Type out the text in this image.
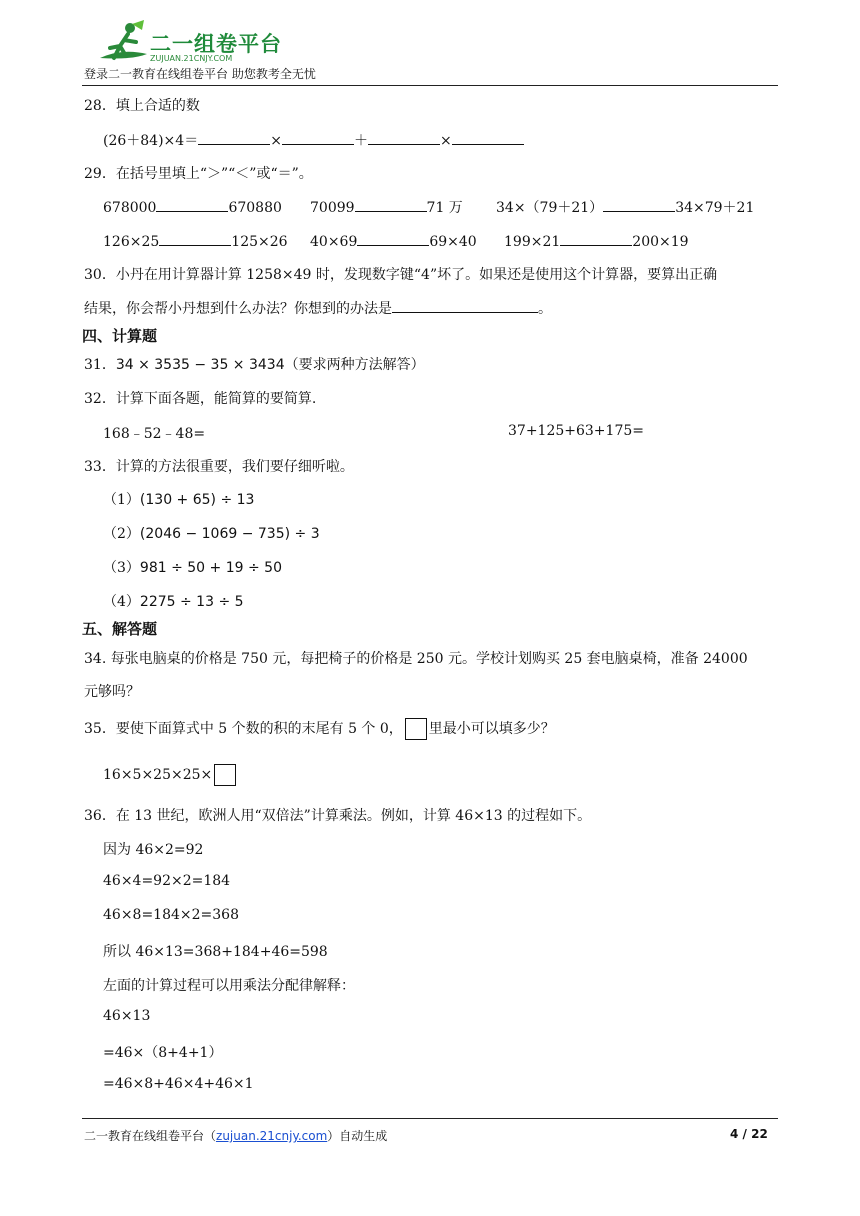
二一组卷平台
ZUJUAN.21CNJY.COM
登录二一教育在线组卷平台 助您教考全无忧
28．填上合适的数
(26＋84)×4＝	×	＋	×
29．在括号里填上“＞”“＜”或“＝”。
678000	670880 70099	71 万 34×（79＋21）	34×79＋21
126×25	125×26 40×69	69×40 199×21	200×19
30．小丹在用计算器计算 1258×49 时，发现数字键“4”坏了。如果还是使用这个计算器，要算出正确
结果，你会帮小丹想到什么办法？你想到的办法是	。
四、计算题
31．34 × 3535 − 35 × 3434（要求两种方法解答）
32．计算下面各题，能简算的要简算.
168﹣52﹣48=	37+125+63+175=
33．计算的方法很重要，我们要仔细听啦。
（1）(130 + 65) ÷ 13
（2）(2046 − 1069 − 735) ÷ 3
（3）981 ÷ 50 + 19 ÷ 50
（4）2275 ÷ 13 ÷ 5
五、解答题
34. 每张电脑桌的价格是 750 元，每把椅子的价格是 250 元。学校计划购买 25 套电脑桌椅，准备 24000
元够吗？
35．要使下面算式中 5 个数的积的末尾有 5 个 0， 里最小可以填多少？
16×5×25×25×
36．在 13 世纪，欧洲人用“双倍法”计算乘法。例如，计算 46×13 的过程如下。
因为 46×2=92
46×4=92×2=184
46×8=184×2=368
所以 46×13=368+184+46=598
左面的计算过程可以用乘法分配律解释：
46×13
=46×（8+4+1）
=46×8+46×4+46×1
二一教育在线组卷平台（zujuan.21cnjy.com）自动生成	4 / 22
